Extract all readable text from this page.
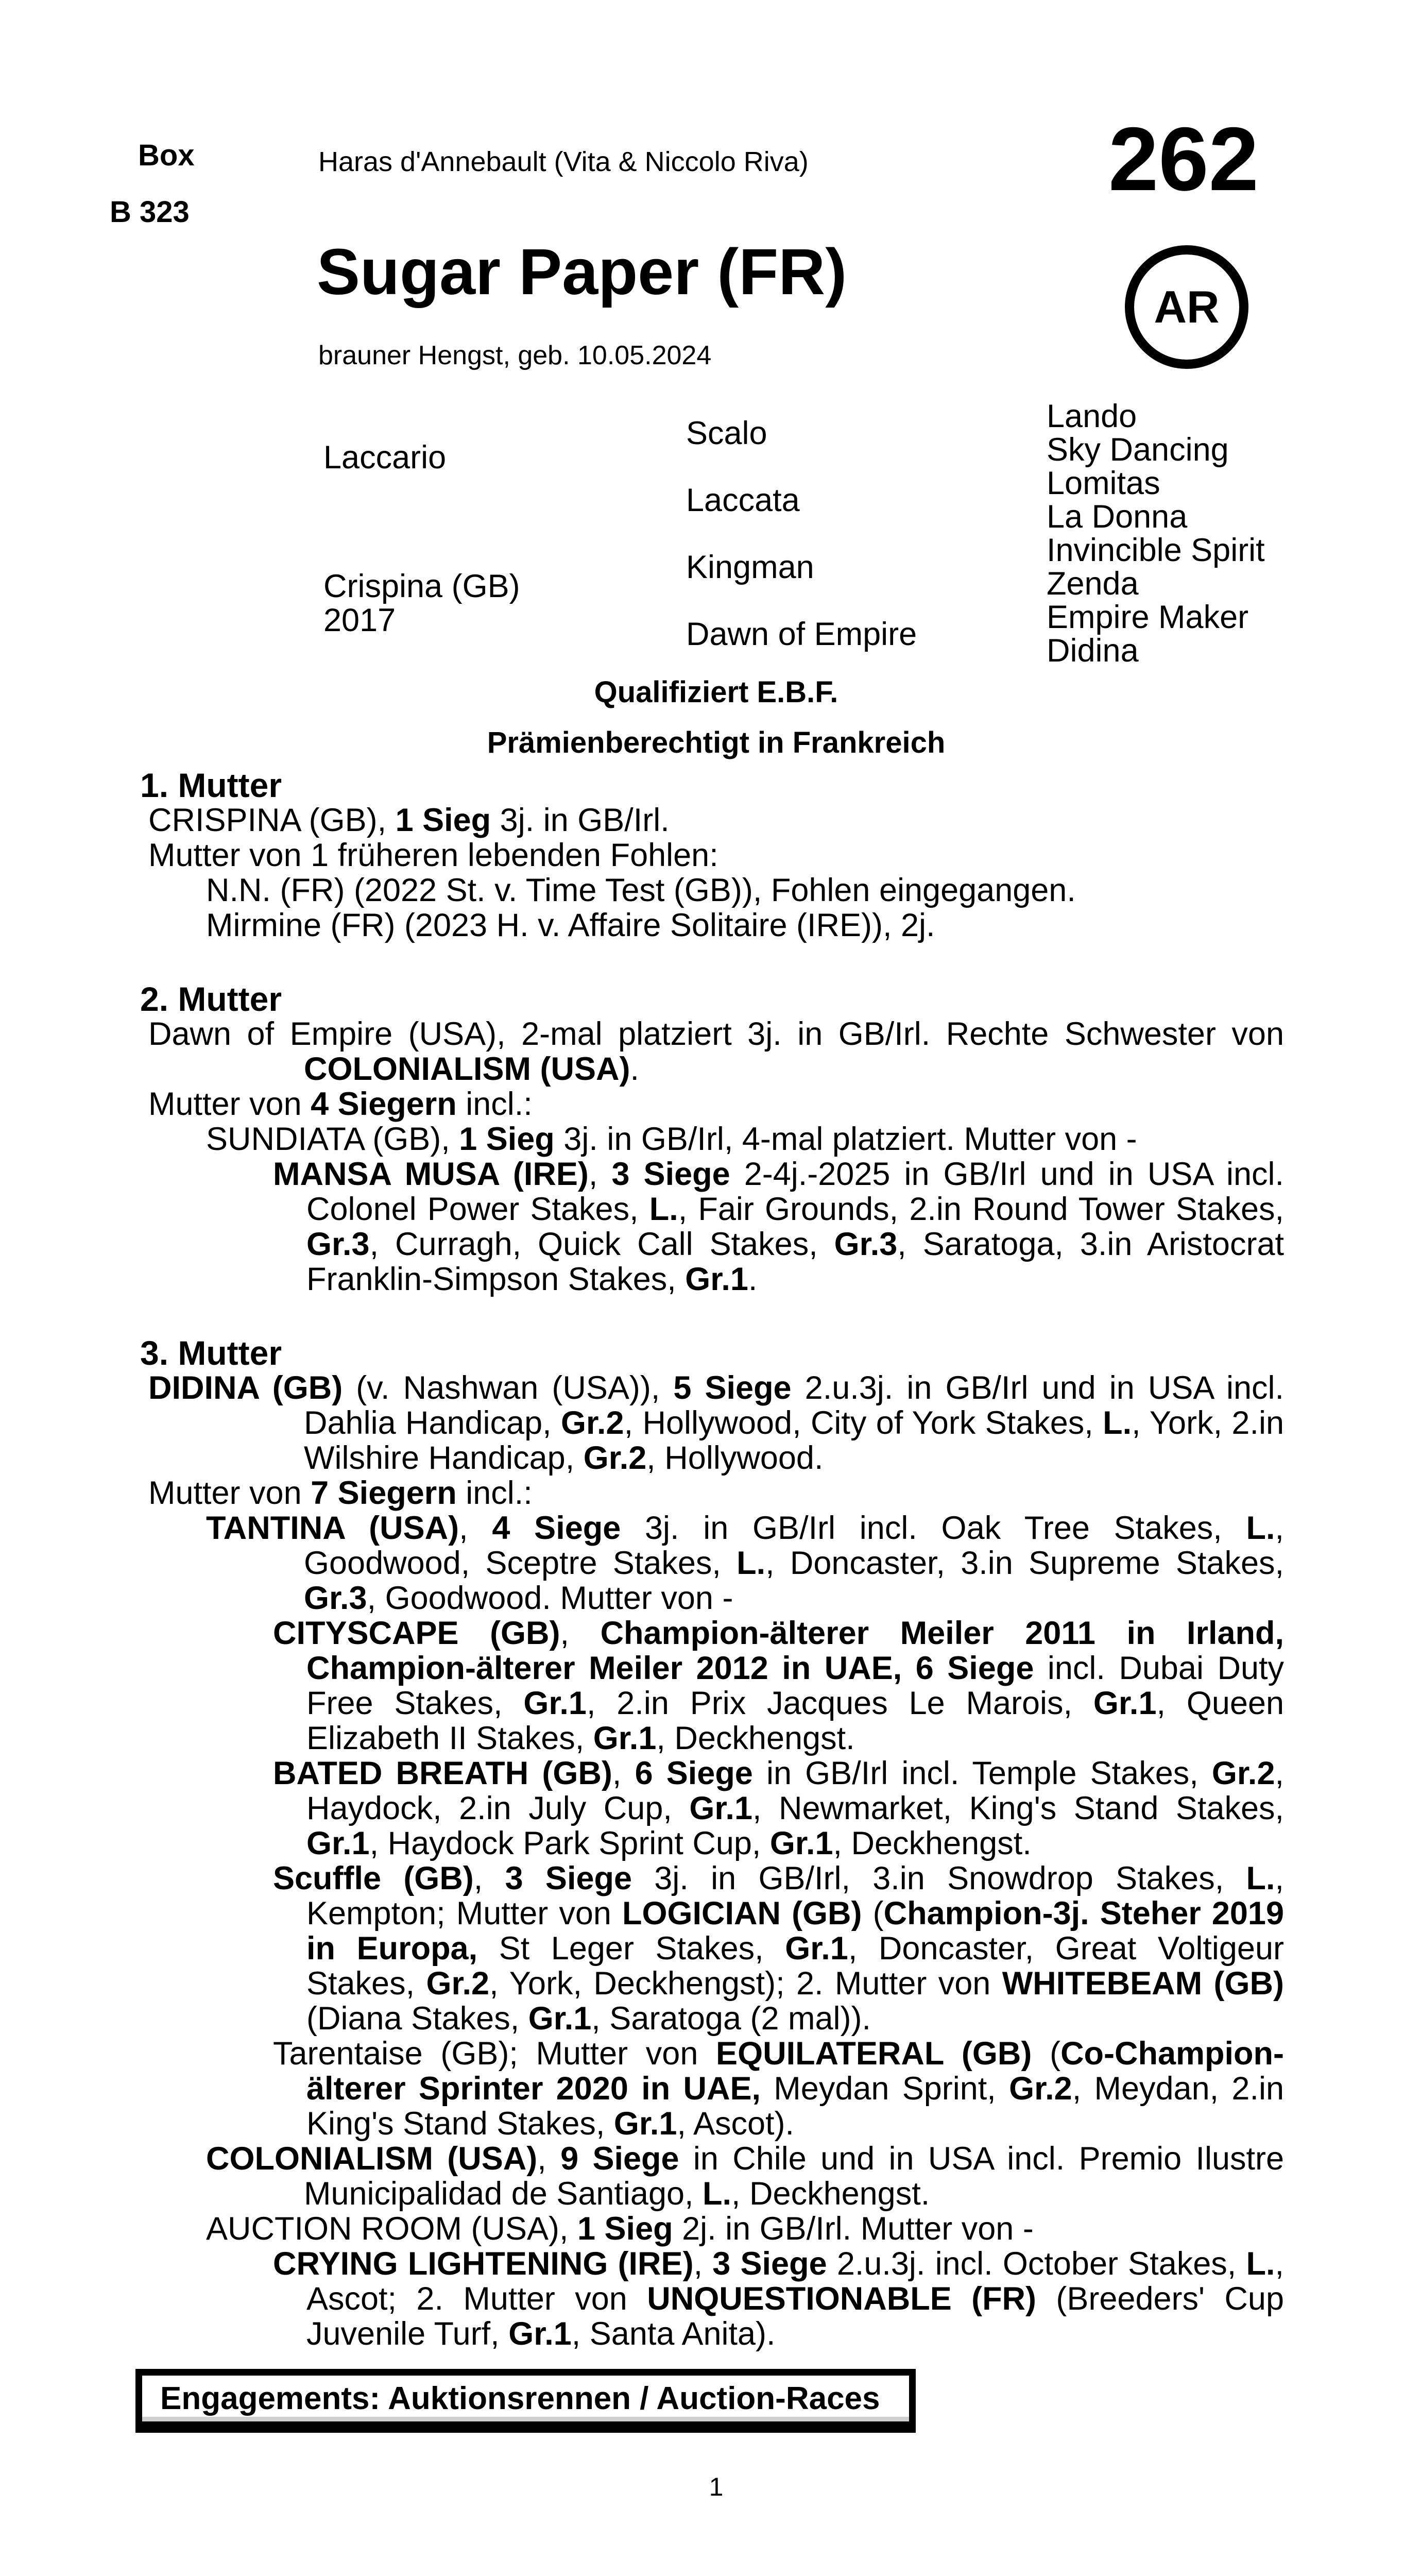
Box
B 323
Haras d'Annebault (Vita & Niccolo Riva)	262
Sugar Paper (FR)
brauner Hengst, geb. 10.05.2024
AR
Laccario
Crispina (GB)
2017
Scalo
Laccata
Kingman
Dawn of Empire
Lando
Sky Dancing
Lomitas
La Donna
Invincible Spirit
Zenda
Empire Maker
Didina
Qualifiziert E.B.F.
Prämienberechtigt in Frankreich
1. Mutter

CRISPINA (GB), 1 Sieg 3j. in GB/Irl.

Mutter von 1 früheren lebenden Fohlen:

N.N. (FR) (2022 St. v. Time Test (GB)), Fohlen eingegangen.

Mirmine (FR) (2023 H. v. Affaire Solitaire (IRE)), 2j.

2. Mutter

Dawn of Empire (USA), 2-mal platziert 3j. in GB/Irl. Rechte Schwester von COLONIALISM (USA).

Mutter von 4 Siegern incl.:

SUNDIATA (GB), 1 Sieg 3j. in GB/Irl, 4-mal platziert. Mutter von -

MANSA MUSA (IRE), 3 Siege 2-4j.-2025 in GB/Irl und in USA incl. Colonel Power Stakes, L., Fair Grounds, 2.in Round Tower Stakes, Gr.3, Curragh, Quick Call Stakes, Gr.3, Saratoga, 3.in Aristocrat Franklin-Simpson Stakes, Gr.1.

3. Mutter

DIDINA (GB) (v. Nashwan (USA)), 5 Siege 2.u.3j. in GB/Irl und in USA incl. Dahlia Handicap, Gr.2, Hollywood, City of York Stakes, L., York, 2.in Wilshire Handicap, Gr.2, Hollywood.

Mutter von 7 Siegern incl.:

TANTINA (USA), 4 Siege 3j. in GB/Irl incl. Oak Tree Stakes, L., Goodwood, Sceptre Stakes, L., Doncaster, 3.in Supreme Stakes, Gr.3, Goodwood. Mutter von -

CITYSCAPE (GB), Champion-älterer Meiler 2011 in Irland, Champion-älterer Meiler 2012 in UAE, 6 Siege incl. Dubai Duty Free Stakes, Gr.1, 2.in Prix Jacques Le Marois, Gr.1, Queen Elizabeth II Stakes, Gr.1, Deckhengst.

BATED BREATH (GB), 6 Siege in GB/Irl incl. Temple Stakes, Gr.2, Haydock, 2.in July Cup, Gr.1, Newmarket, King's Stand Stakes, Gr.1, Haydock Park Sprint Cup, Gr.1, Deckhengst.

Scuffle (GB), 3 Siege 3j. in GB/Irl, 3.in Snowdrop Stakes, L., Kempton; Mutter von LOGICIAN (GB) (Champion-3j. Steher 2019 in Europa, St Leger Stakes, Gr.1, Doncaster, Great Voltigeur Stakes, Gr.2, York, Deckhengst); 2. Mutter von WHITEBEAM (GB) (Diana Stakes, Gr.1, Saratoga (2 mal)).

Tarentaise (GB); Mutter von EQUILATERAL (GB) (Co-Champion-älterer Sprinter 2020 in UAE, Meydan Sprint, Gr.2, Meydan, 2.in King's Stand Stakes, Gr.1, Ascot).

COLONIALISM (USA), 9 Siege in Chile und in USA incl. Premio Ilustre Municipalidad de Santiago, L., Deckhengst.

AUCTION ROOM (USA), 1 Sieg 2j. in GB/Irl. Mutter von -

CRYING LIGHTENING (IRE), 3 Siege 2.u.3j. incl. October Stakes, L., Ascot; 2. Mutter von UNQUESTIONABLE (FR) (Breeders' Cup Juvenile Turf, Gr.1, Santa Anita).

Engagements: Auktionsrennen / Auction-Races
1
